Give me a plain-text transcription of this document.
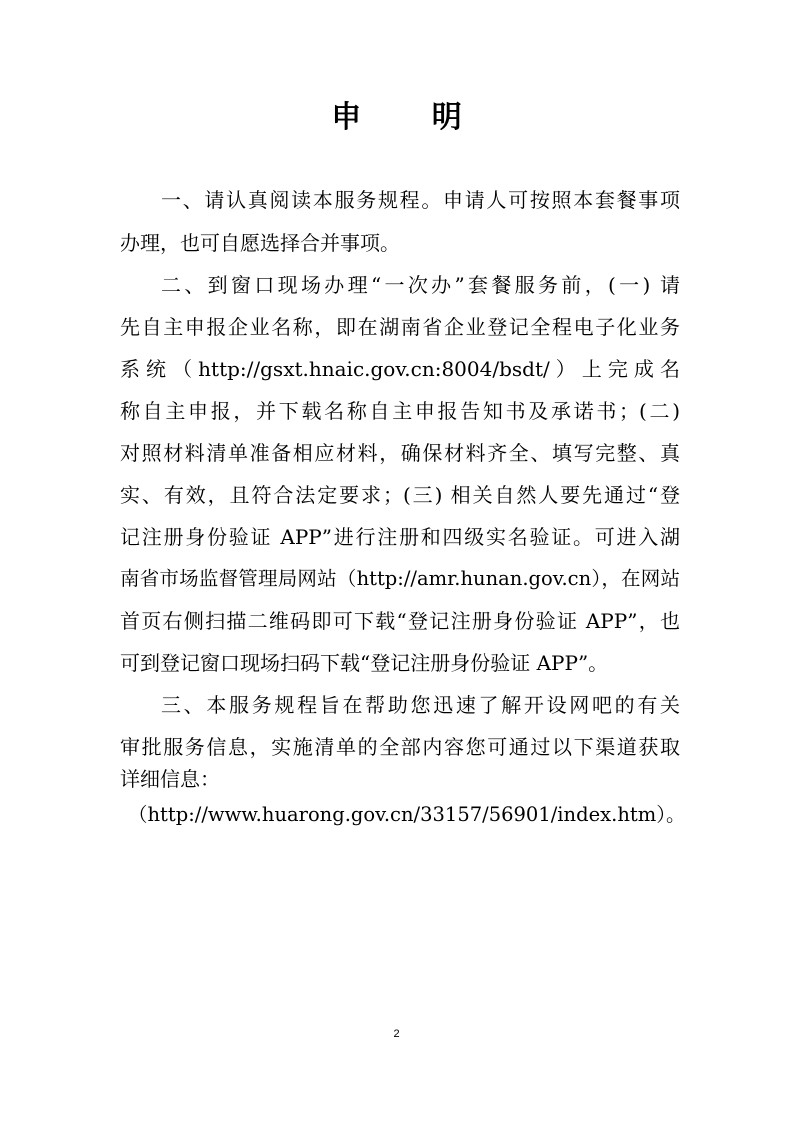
申 明
一、请认真阅读本服务规程。申请人可按照本套餐事项
办理，也可自愿选择合并事项。
二、到窗口现场办理“一次办”套餐服务前，(一) 请
先自主申报企业名称，即在湖南省企业登记全程电子化业务
系统（http://gsxt.hnaic.gov.cn:8004/bsdt/）上完成名
称自主申报，并下载名称自主申报告知书及承诺书；(二)
对照材料清单准备相应材料，确保材料齐全、填写完整、真
实、有效，且符合法定要求；(三) 相关自然人要先通过“登
记注册身份验证 APP”进行注册和四级实名验证。可进入湖
南省市场监督管理局网站（http://amr.hunan.gov.cn），在网站
首页右侧扫描二维码即可下载“登记注册身份验证 APP”，也
可到登记窗口现场扫码下载“登记注册身份验证 APP”。
三、本服务规程旨在帮助您迅速了解开设网吧的有关
审批服务信息，实施清单的全部内容您可通过以下渠道获取
详细信息：
（http://www.huarong.gov.cn/33157/56901/index.htm）。
2
